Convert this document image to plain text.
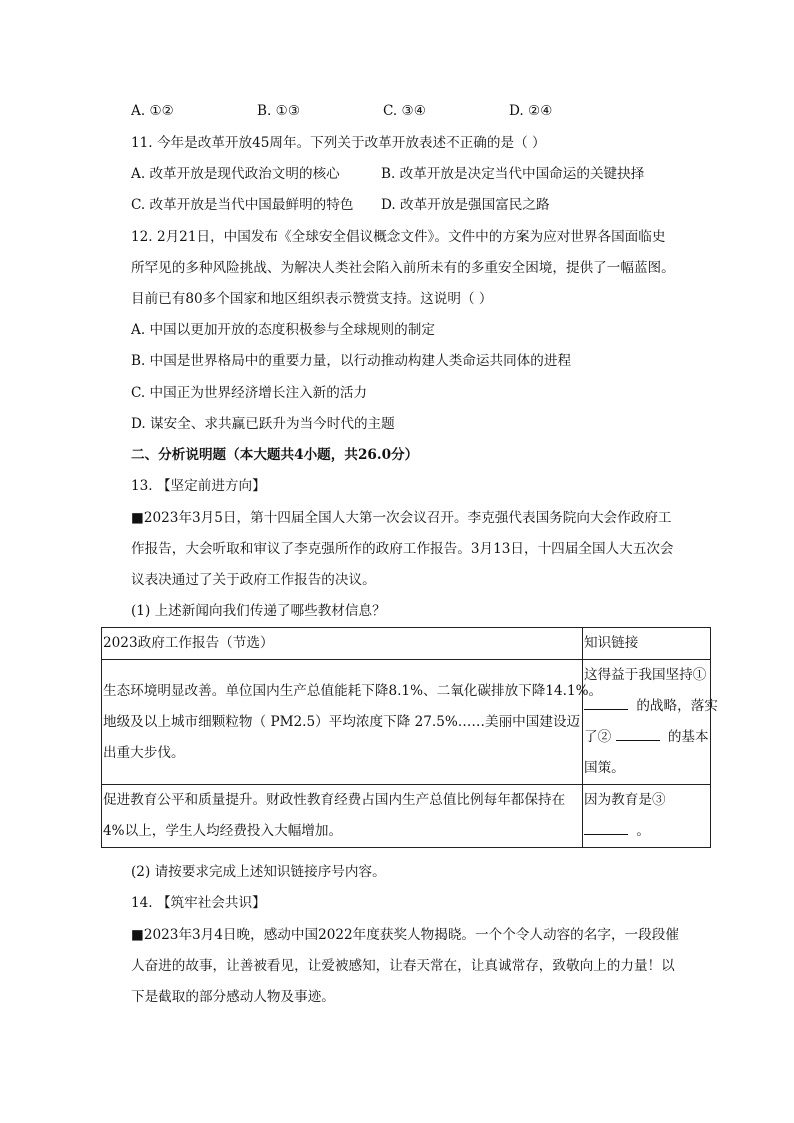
A. ①②	B. ①③	C. ③④	D. ②④
11. 今年是改革开放45周年。下列关于改革开放表述不正确的是（ ）
A. 改革开放是现代政治文明的核心	B. 改革开放是决定当代中国命运的关键抉择
C. 改革开放是当代中国最鲜明的特色	D. 改革开放是强国富民之路
12. 2月21日，中国发布《全球安全倡议概念文件》。文件中的方案为应对世界各国面临史
所罕见的多种风险挑战、为解决人类社会陷入前所未有的多重安全困境，提供了一幅蓝图。
目前已有80多个国家和地区组织表示赞赏支持。这说明（ ）
A. 中国以更加开放的态度积极参与全球规则的制定
B. 中国是世界格局中的重要力量，以行动推动构建人类命运共同体的进程
C. 中国正为世界经济增长注入新的活力
D. 谋安全、求共赢已跃升为当今时代的主题
二、分析说明题（本大题共4小题，共26.0分）
13. 【坚定前进方向】
■2023年3月5日，第十四届全国人大第一次会议召开。李克强代表国务院向大会作政府工
作报告，大会听取和审议了李克强所作的政府工作报告。3月13日，十四届全国人大五次会
议表决通过了关于政府工作报告的决议。
(1) 上述新闻向我们传递了哪些教材信息？
2023政府工作报告（节选）	知识链接

生态环境明显改善。单位国内生产总值能耗下降8.1%、二氧化碳排放下降14.1%。
地级及以上城市细颗粒物（ PM2.5）平均浓度下降 27.5%……美丽中国建设迈
出重大步伐。	这得益于我国坚持①
的战略，落实
了② 的基本
国策。

促进教育公平和质量提升。财政性教育经费占国内生产总值比例每年都保持在
4%以上，学生人均经费投入大幅增加。	因为教育是③
。
(2) 请按要求完成上述知识链接序号内容。
14. 【筑牢社会共识】
■2023年3月4日晚，感动中国2022年度获奖人物揭晓。一个个令人动容的名字，一段段催
人奋进的故事，让善被看见，让爱被感知，让春天常在，让真诚常存，致敬向上的力量！以
下是截取的部分感动人物及事迹。
